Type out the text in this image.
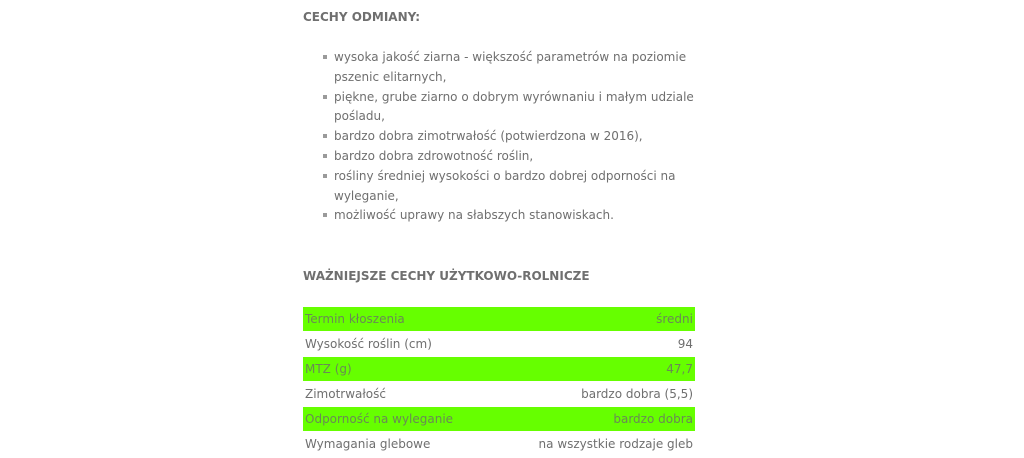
CECHY ODMIANY:
wysoka jakość ziarna - większość parametrów na poziomie pszenic elitarnych,
piękne, grube ziarno o dobrym wyrównaniu i małym udziale pośladu,
bardzo dobra zimotrwałość (potwierdzona w 2016),
bardzo dobra zdrowotność roślin,
rośliny średniej wysokości o bardzo dobrej odporności na wyleganie,
możliwość uprawy na słabszych stanowiskach.
WAŻNIEJSZE CECHY UŻYTKOWO-ROLNICZE
Termin kłoszenia	średni
Wysokość roślin (cm)	94
MTZ (g)	47,7
Zimotrwałość	bardzo dobra (5,5)
Odporność na wyleganie	bardzo dobra
Wymagania glebowe	na wszystkie rodzaje gleb
